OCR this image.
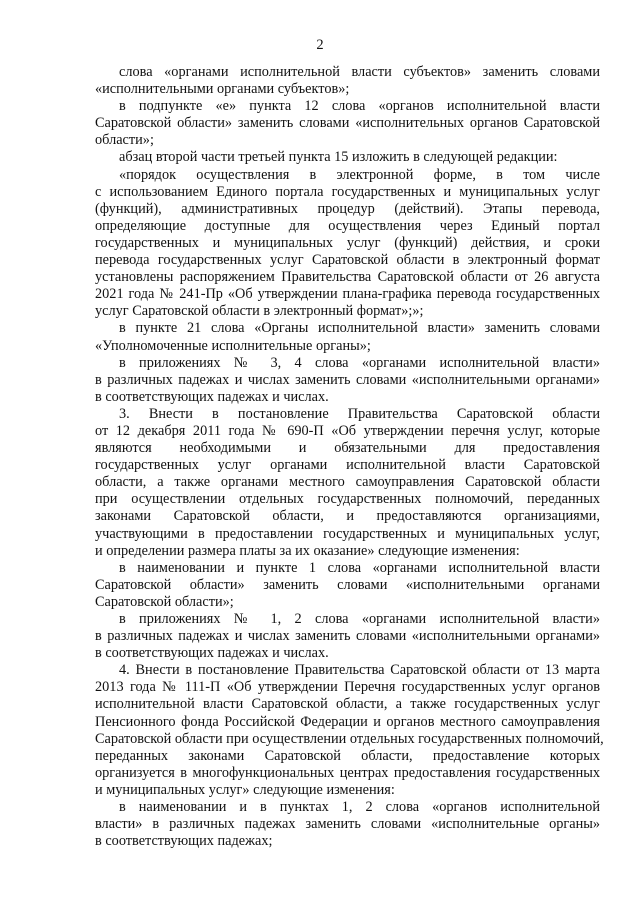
2
слова «органами исполнительной власти субъектов» заменить словами
«исполнительными органами субъектов»;
в подпункте «е» пункта 12 слова «органов исполнительной власти
Саратовской области» заменить словами «исполнительных органов Саратовской
области»;
абзац второй части третьей пункта 15 изложить в следующей редакции:
«порядок осуществления в электронной форме, в том числе
с использованием Единого портала государственных и муниципальных услуг
(функций), административных процедур (действий). Этапы перевода,
определяющие доступные для осуществления через Единый портал
государственных и муниципальных услуг (функций) действия, и сроки
перевода государственных услуг Саратовской области в электронный формат
установлены распоряжением Правительства Саратовской области от 26 августа
2021 года № 241-Пр «Об утверждении плана-графика перевода государственных
услуг Саратовской области в электронный формат»;»;
в пункте 21 слова «Органы исполнительной власти» заменить словами
«Уполномоченные исполнительные органы»;
в приложениях № 3, 4 слова «органами исполнительной власти»
в различных падежах и числах заменить словами «исполнительными органами»
в соответствующих падежах и числах.
3. Внести в постановление Правительства Саратовской области
от 12 декабря 2011 года № 690-П «Об утверждении перечня услуг, которые
являются необходимыми и обязательными для предоставления
государственных услуг органами исполнительной власти Саратовской
области, а также органами местного самоуправления Саратовской области
при осуществлении отдельных государственных полномочий, переданных
законами Саратовской области, и предоставляются организациями,
участвующими в предоставлении государственных и муниципальных услуг,
и определении размера платы за их оказание» следующие изменения:
в наименовании и пункте 1 слова «органами исполнительной власти
Саратовской области» заменить словами «исполнительными органами
Саратовской области»;
в приложениях № 1, 2 слова «органами исполнительной власти»
в различных падежах и числах заменить словами «исполнительными органами»
в соответствующих падежах и числах.
4. Внести в постановление Правительства Саратовской области от 13 марта
2013 года № 111-П «Об утверждении Перечня государственных услуг органов
исполнительной власти Саратовской области, а также государственных услуг
Пенсионного фонда Российской Федерации и органов местного самоуправления
Саратовской области при осуществлении отдельных государственных полномочий,
переданных законами Саратовской области, предоставление которых
организуется в многофункциональных центрах предоставления государственных
и муниципальных услуг» следующие изменения:
в наименовании и в пунктах 1, 2 слова «органов исполнительной
власти» в различных падежах заменить словами «исполнительные органы»
в соответствующих падежах;
